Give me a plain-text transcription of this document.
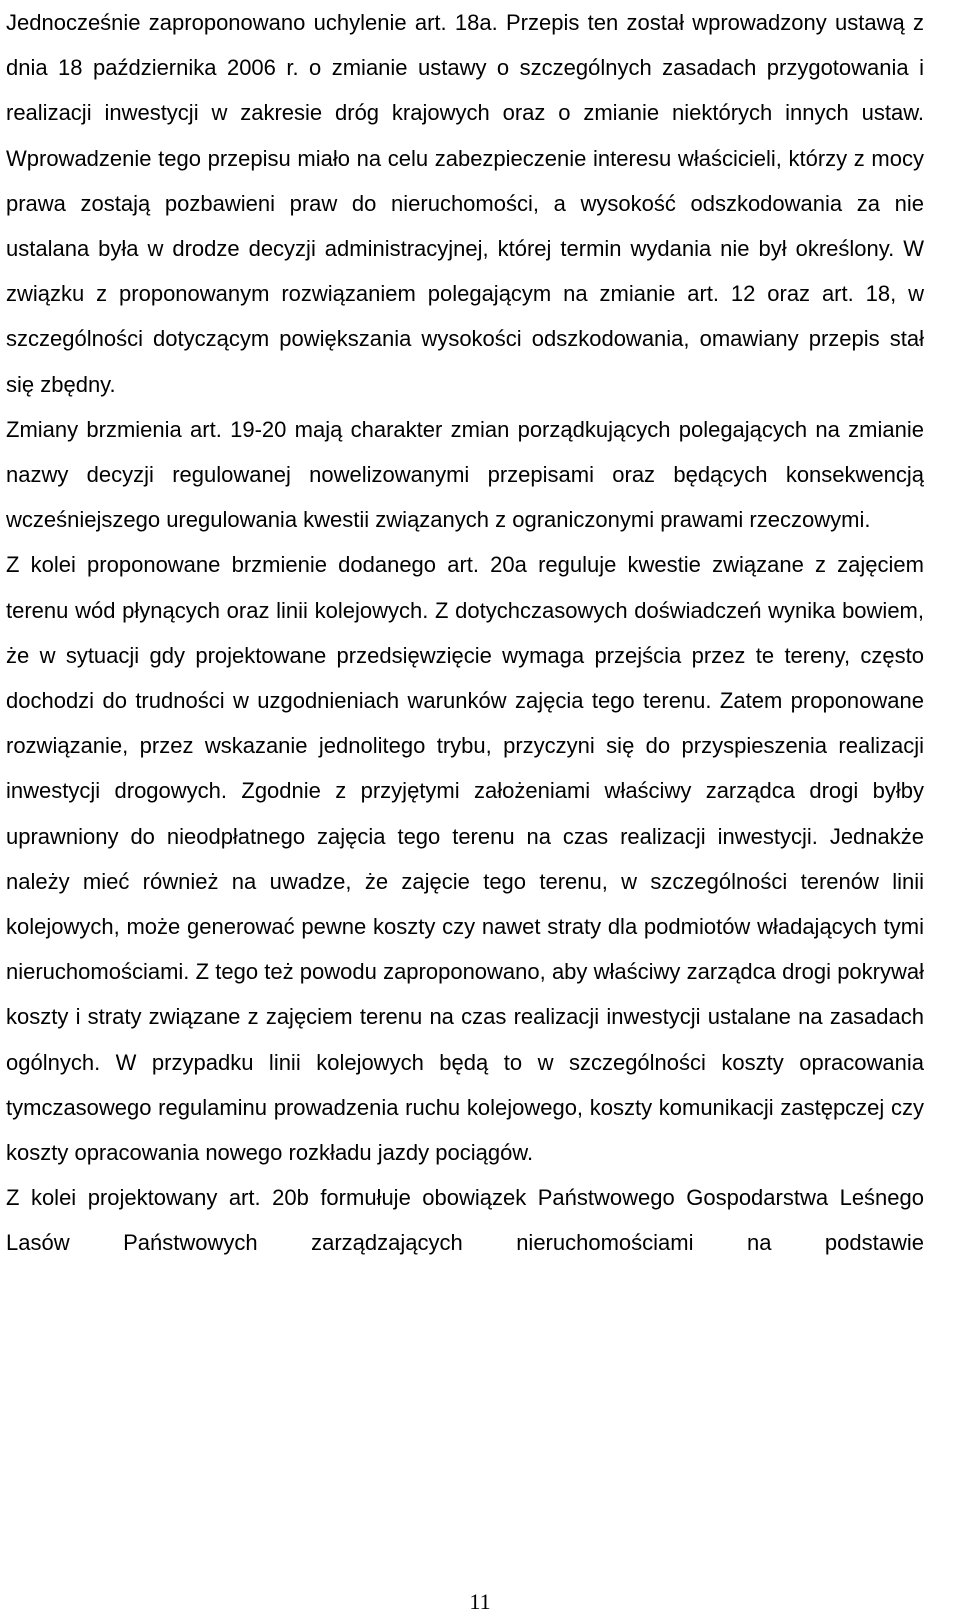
Jednocześnie zaproponowano uchylenie art. 18a. Przepis ten został wprowadzony ustawą z dnia 18 października 2006 r. o zmianie ustawy o szczególnych zasadach przygotowania i realizacji inwestycji w zakresie dróg krajowych oraz o zmianie niektórych innych ustaw. Wprowadzenie tego przepisu miało na celu zabezpieczenie interesu właścicieli, którzy z mocy prawa zostają pozbawieni praw do nieruchomości, a wysokość odszkodowania za nie ustalana była w drodze decyzji administracyjnej, której termin wydania nie był określony. W związku z proponowanym rozwiązaniem polegającym na zmianie art. 12 oraz art. 18, w szczególności dotyczącym powiększania wysokości odszkodowania, omawiany przepis stał się zbędny.

Zmiany brzmienia art. 19-20 mają charakter zmian porządkujących polegających na zmianie nazwy decyzji regulowanej nowelizowanymi przepisami oraz będących konsekwencją wcześniejszego uregulowania kwestii związanych z ograniczonymi prawami rzeczowymi.

Z kolei proponowane brzmienie dodanego art. 20a reguluje kwestie związane z zajęciem terenu wód płynących oraz linii kolejowych. Z dotychczasowych doświadczeń wynika bowiem, że w sytuacji gdy projektowane przedsięwzięcie wymaga przejścia przez te tereny, często dochodzi do trudności w uzgodnieniach warunków zajęcia tego terenu. Zatem proponowane rozwiązanie, przez wskazanie jednolitego trybu, przyczyni się do przyspieszenia realizacji inwestycji drogowych. Zgodnie z przyjętymi założeniami właściwy zarządca drogi byłby uprawniony do nieodpłatnego zajęcia tego terenu na czas realizacji inwestycji. Jednakże należy mieć również na uwadze, że zajęcie tego terenu, w szczególności terenów linii kolejowych, może generować pewne koszty czy nawet straty dla podmiotów władających tymi nieruchomościami. Z tego też powodu zaproponowano, aby właściwy zarządca drogi pokrywał koszty i straty związane z zajęciem terenu na czas realizacji inwestycji ustalane na zasadach ogólnych. W przypadku linii kolejowych będą to w szczególności koszty opracowania tymczasowego regulaminu prowadzenia ruchu kolejowego, koszty komunikacji zastępczej czy koszty opracowania nowego rozkładu jazdy pociągów.

Z kolei projektowany art. 20b formułuje obowiązek Państwowego Gospodarstwa Leśnego Lasów Państwowych zarządzających nieruchomościami na podstawie

11
